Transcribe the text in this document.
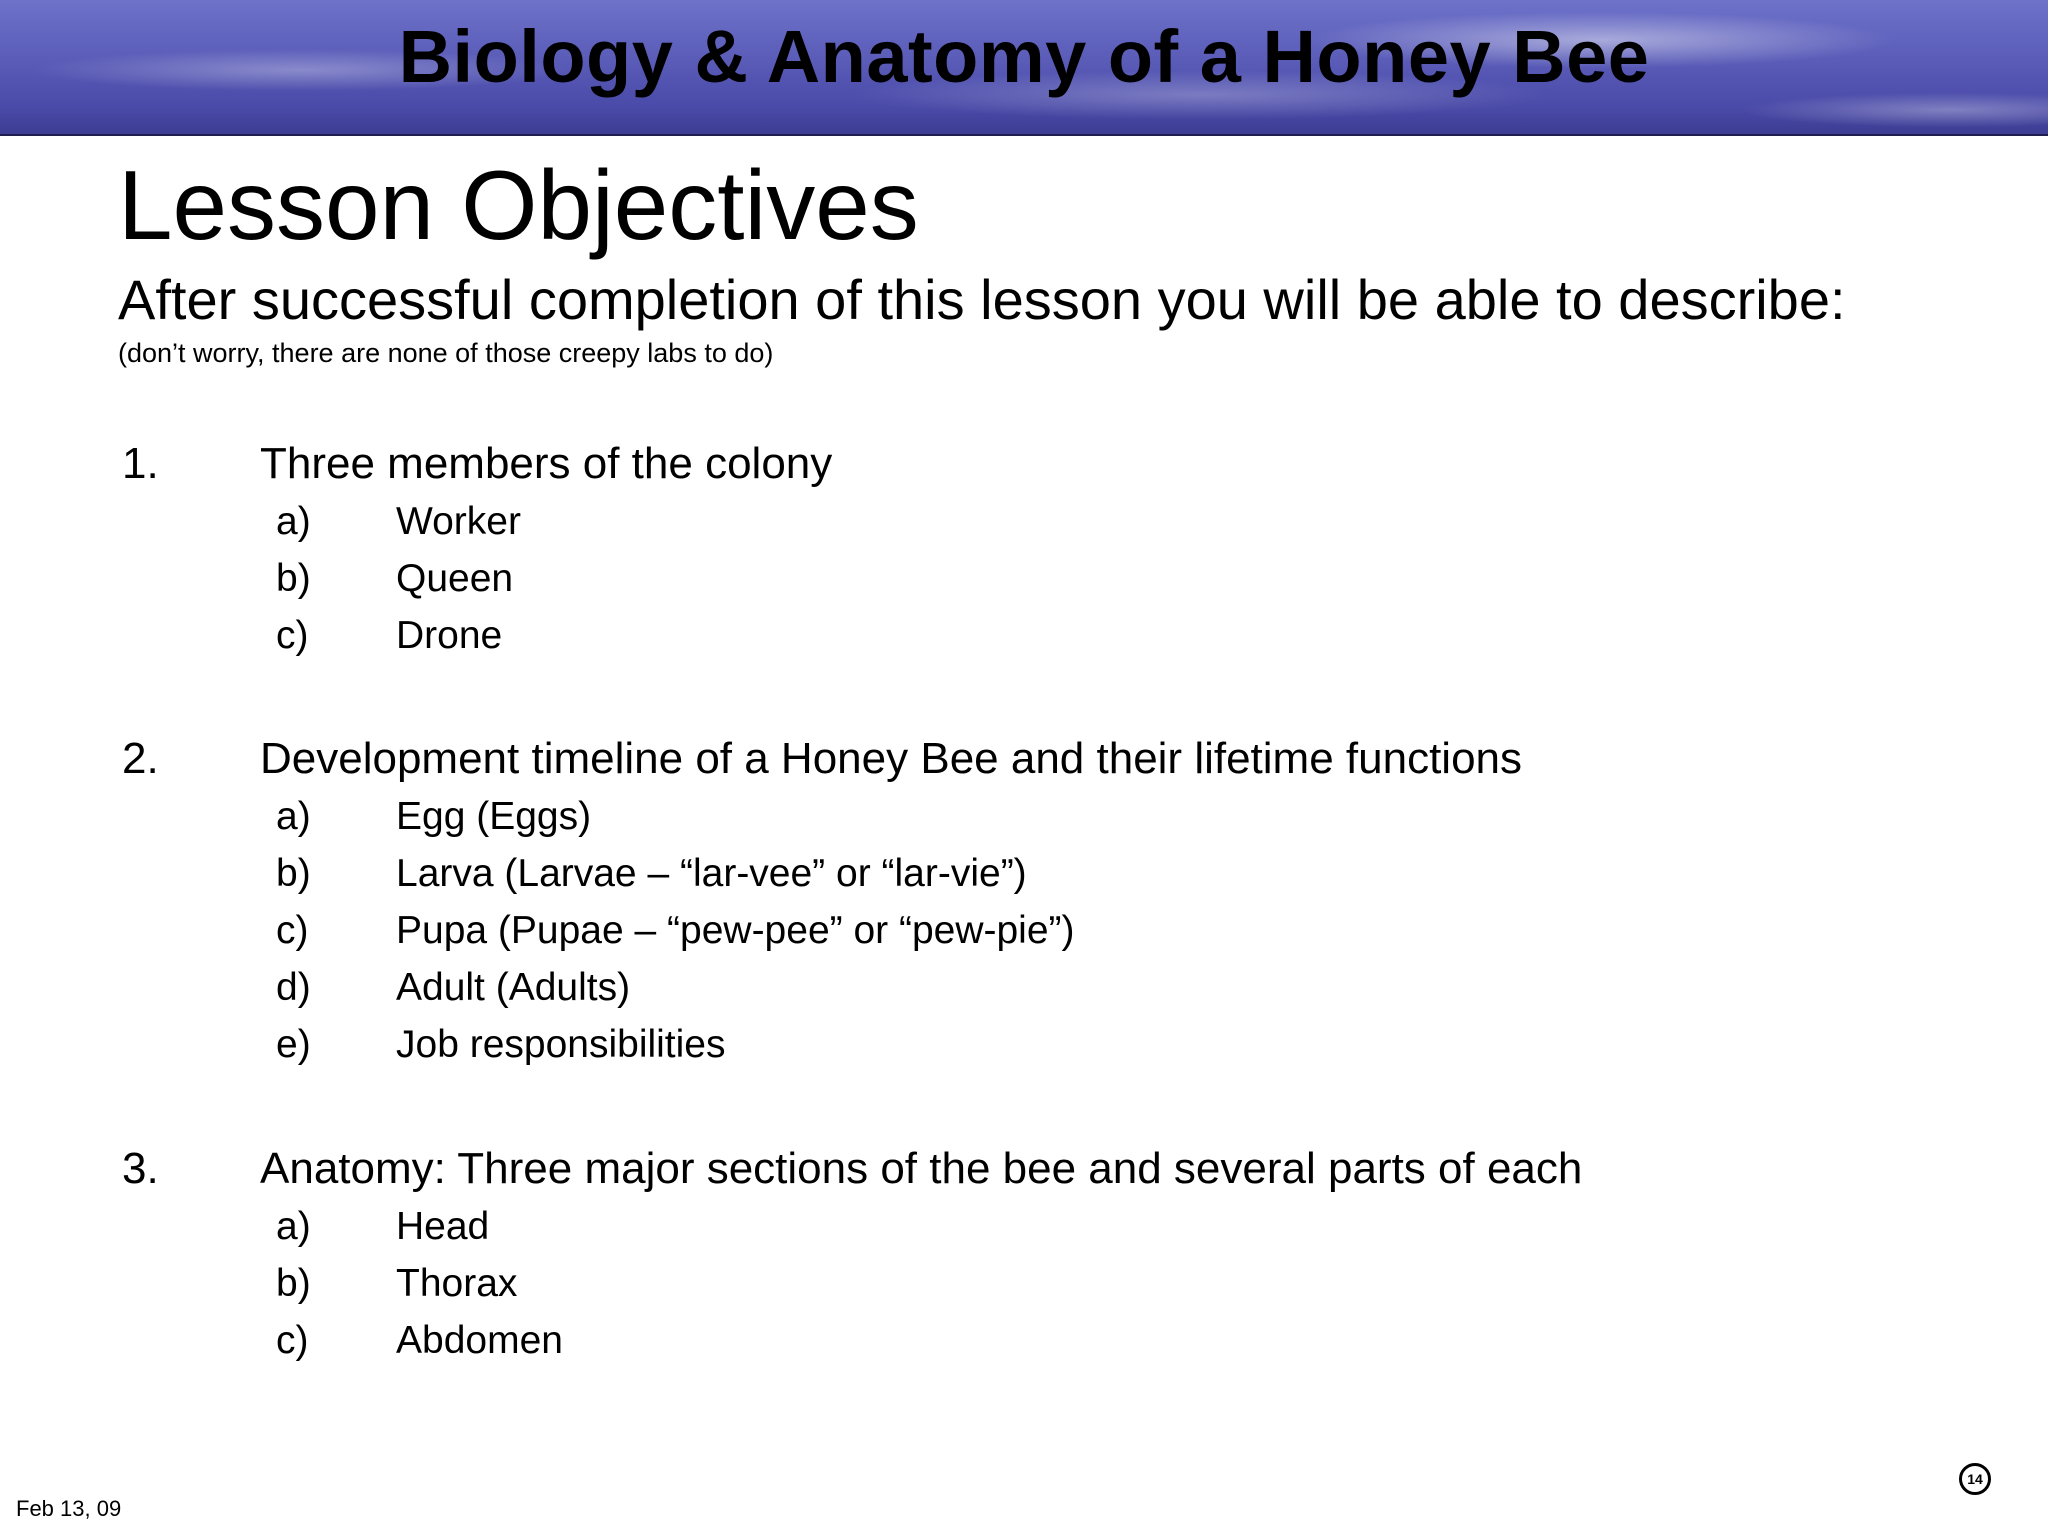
Biology & Anatomy of a Honey Bee
Lesson Objectives
After successful completion of this lesson you will be able to describe:
(don’t worry, there are none of those creepy labs to do)
1. Three members of the colony
a) Worker
b) Queen
c) Drone
2. Development timeline of a Honey Bee and their lifetime functions
a) Egg (Eggs)
b) Larva (Larvae – “lar-vee” or “lar-vie”)
c) Pupa (Pupae – “pew-pee” or “pew-pie”)
d) Adult (Adults)
e) Job responsibilities
3. Anatomy: Three major sections of the bee and several parts of each
a) Head
b) Thorax
c) Abdomen
Feb 13, 09
14
